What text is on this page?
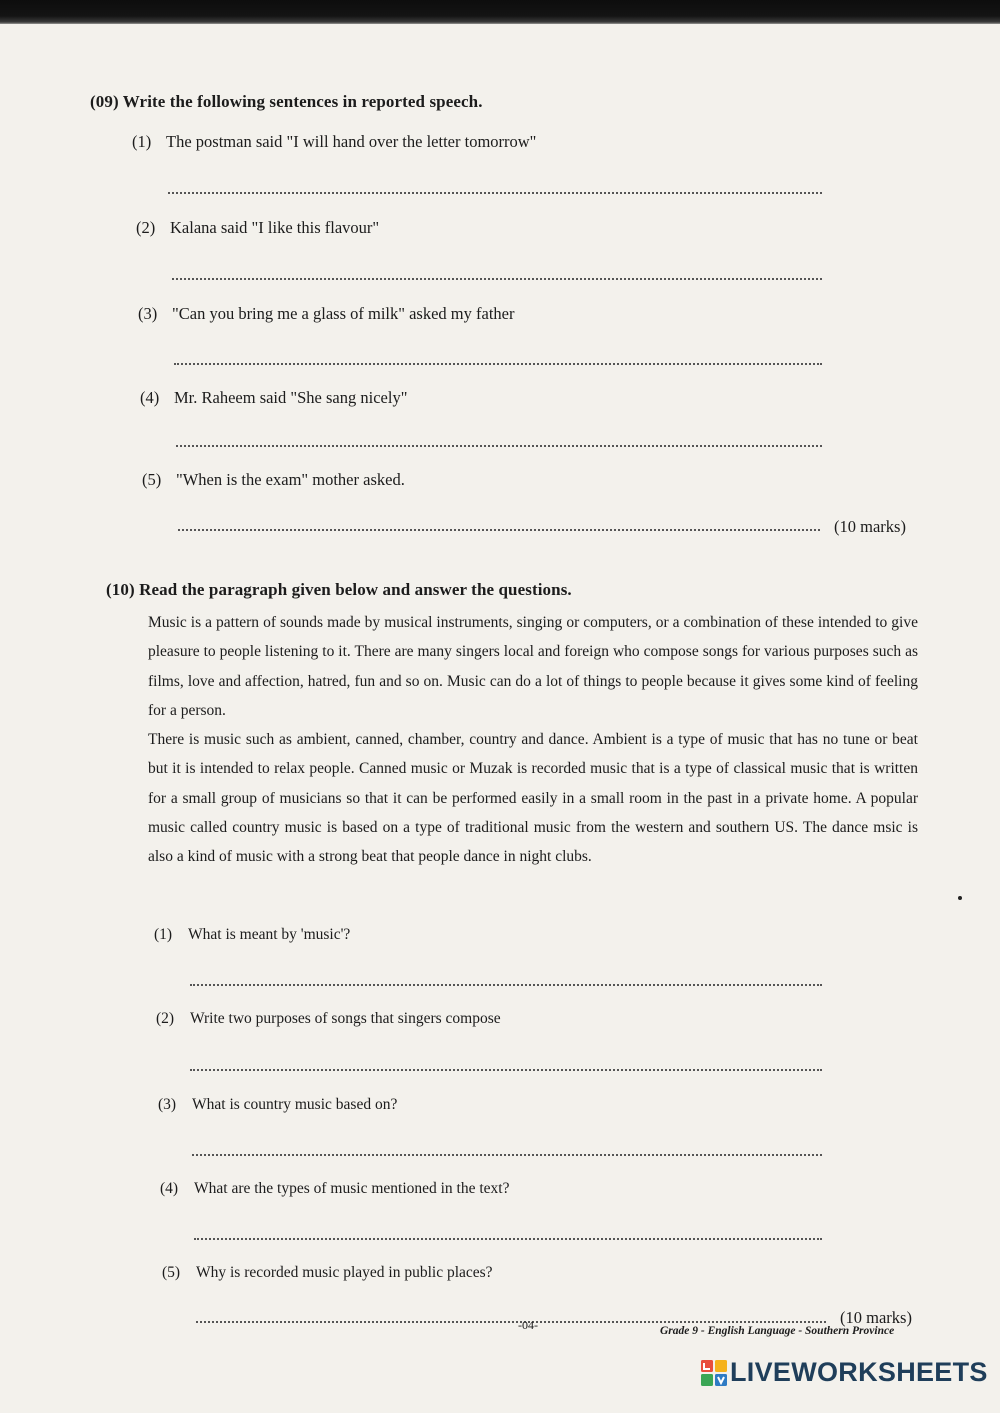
(09) Write the following sentences in reported speech.
(1) The postman said "I will hand over the letter tomorrow"
(2) Kalana said "I like this flavour"
(3) "Can you bring me a glass of milk" asked my father
(4) Mr. Raheem said "She sang nicely"
(5) "When is the exam" mother asked.
(10 marks)
(10) Read the paragraph given below and answer the questions.

Music is a pattern of sounds made by musical instruments, singing or computers, or a combination of these intended to give pleasure to people listening to it. There are many singers local and foreign who compose songs for various purposes such as films, love and affection, hatred, fun and so on. Music can do a lot of things to people because it gives some kind of feeling for a person.

There is music such as ambient, canned, chamber, country and dance. Ambient is a type of music that has no tune or beat but it is intended to relax people. Canned music or Muzak is recorded music that is a type of classical music that is written for a small group of musicians so that it can be performed easily in a small room in the past in a private home. A popular music called country music is based on a type of traditional music from the western and southern US. The dance msic is also a kind of music with a strong beat that people dance in night clubs.

(1) What is meant by 'music'?
(2) Write two purposes of songs that singers compose
(3) What is country music based on?
(4) What are the types of music mentioned in the text?
(5) Why is recorded music played in public places?
(10 marks)
-04-	Grade 9 - English Language - Southern Province
LIVEWORKSHEETS
